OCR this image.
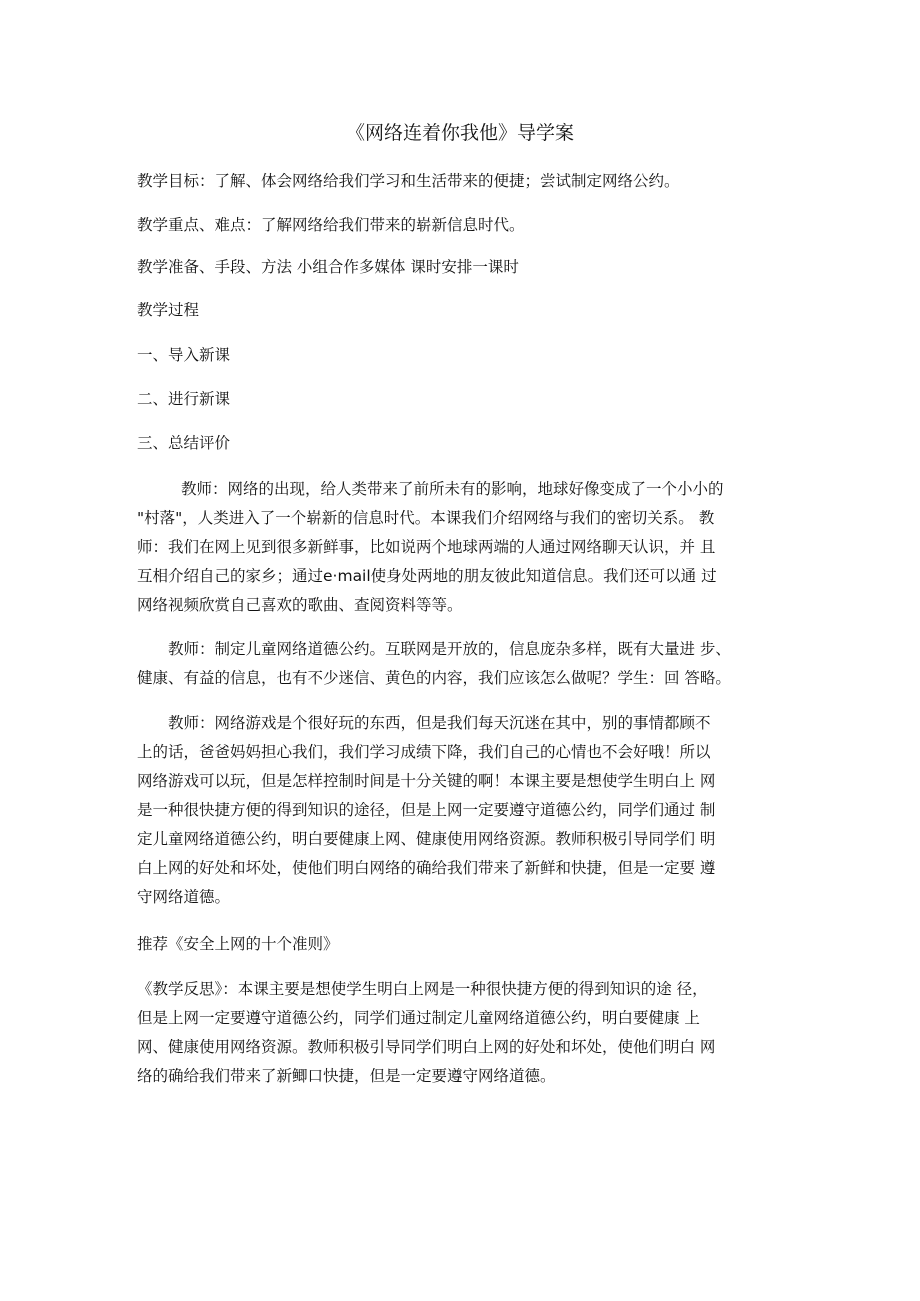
《网络连着你我他》导学案
教学目标：了解、体会网络给我们学习和生活带来的便捷；尝试制定网络公约。
教学重点、难点：了解网络给我们带来的崭新信息时代。
教学准备、手段、方法 小组合作多媒体 课时安排一课时
教学过程
一、导入新课
二、进行新课
三、总结评价
教师：网络的出现，给人类带来了前所未有的影响，地球好像变成了一个小小的
"村落"，人类进入了一个崭新的信息时代。本课我们介绍网络与我们的密切关系。 教
师：我们在网上见到很多新鲜事，比如说两个地球两端的人通过网络聊天认识，并 且
互相介绍自己的家乡；通过e·mail使身处两地的朋友彼此知道信息。我们还可以通 过
网络视频欣赏自己喜欢的歌曲、查阅资料等等。
教师：制定儿童网络道德公约。互联网是开放的，信息庞杂多样，既有大量进 步、
健康、有益的信息，也有不少迷信、黄色的内容，我们应该怎么做呢？学生：回 答略。
教师：网络游戏是个很好玩的东西，但是我们每天沉迷在其中，别的事情都顾不
上的话，爸爸妈妈担心我们，我们学习成绩下降，我们自己的心情也不会好哦！所以
网络游戏可以玩，但是怎样控制时间是十分关键的啊！本课主要是想使学生明白上 网
是一种很快捷方便的得到知识的途径，但是上网一定要遵守道德公约，同学们通过 制
定儿童网络道德公约，明白要健康上网、健康使用网络资源。教师积极引导同学们 明
白上网的好处和坏处，使他们明白网络的确给我们带来了新鲜和快捷，但是一定要 遵
守网络道德。
推荐《安全上网的十个准则》
《教学反思》：本课主要是想使学生明白上网是一种很快捷方便的得到知识的途 径，
但是上网一定要遵守道德公约，同学们通过制定儿童网络道德公约，明白要健康 上
网、健康使用网络资源。教师积极引导同学们明白上网的好处和坏处，使他们明白 网
络的确给我们带来了新鲫口快捷，但是一定要遵守网络道德。
